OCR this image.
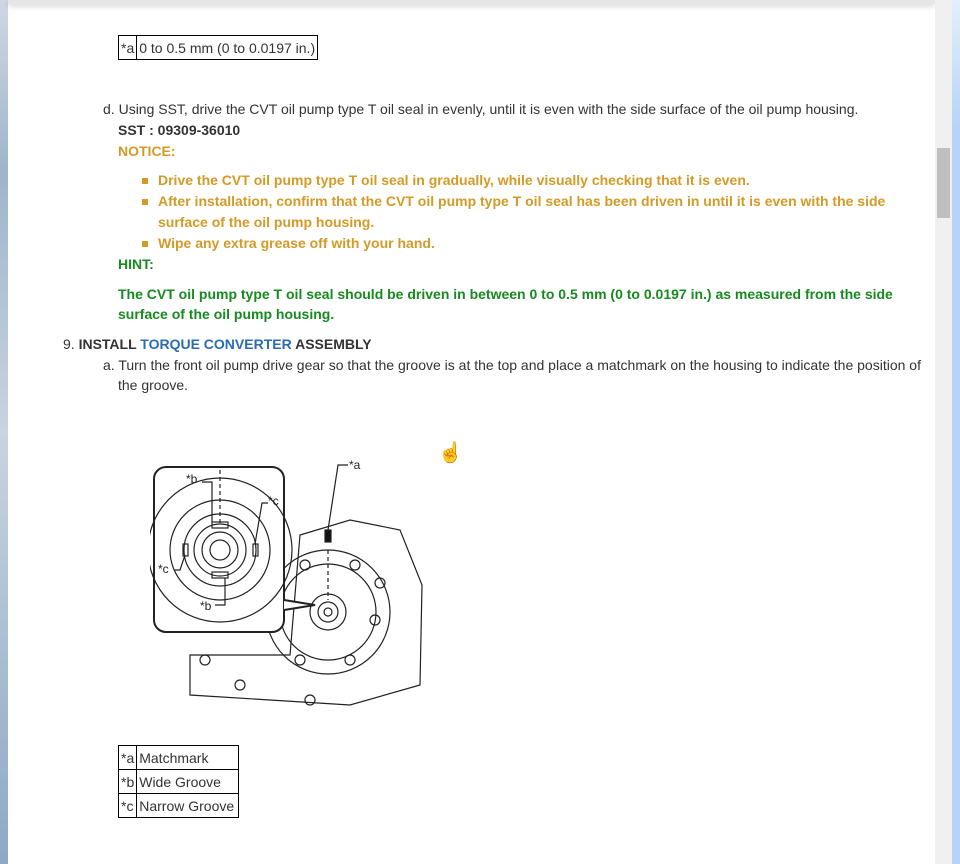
*a	0 to 0.5 mm (0 to 0.0197 in.)
d. Using SST, drive the CVT oil pump type T oil seal in evenly, until it is even with the side surface of the oil pump housing.
SST : 09309-36010
NOTICE:
Drive the CVT oil pump type T oil seal in gradually, while visually checking that it is even.
After installation, confirm that the CVT oil pump type T oil seal has been driven in until it is even with the side surface of the oil pump housing.
Wipe any extra grease off with your hand.
HINT:
The CVT oil pump type T oil seal should be driven in between 0 to 0.5 mm (0 to 0.0197 in.) as measured from the side surface of the oil pump housing.
9. INSTALL TORQUE CONVERTER ASSEMBLY
a. Turn the front oil pump drive gear so that the groove is at the top and place a matchmark on the housing to indicate the position of the groove.
☝
*a
*b
*b
*c
*c
*a	Matchmark
*b	Wide Groove
*c	Narrow Groove
